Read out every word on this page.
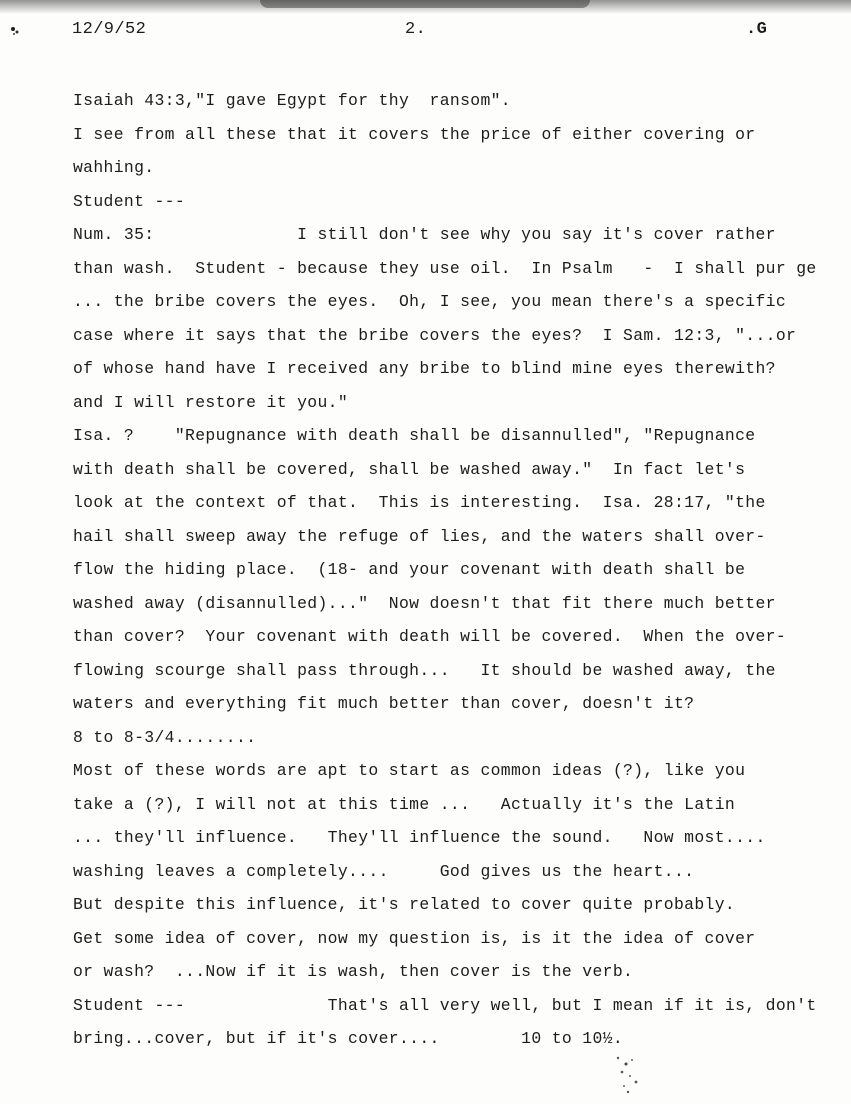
12/9/52	2.	.G
Isaiah 43:3,"I gave Egypt for thy  ransom".
I see from all these that it covers the price of either covering or
wahhing.
Student ---
Num. 35:              I still don't see why you say it's cover rather
than wash.  Student - because they use oil.  In Psalm   -  I shall pur ge
... the bribe covers the eyes.  Oh, I see, you mean there's a specific
case where it says that the bribe covers the eyes?  I Sam. 12:3, "...or
of whose hand have I received any bribe to blind mine eyes therewith?
and I will restore it you."
Isa. ?    "Repugnance with death shall be disannulled", "Repugnance
with death shall be covered, shall be washed away."  In fact let's
look at the context of that.  This is interesting.  Isa. 28:17, "the
hail shall sweep away the refuge of lies, and the waters shall over-
flow the hiding place.  (18- and your covenant with death shall be
washed away (disannulled)..."  Now doesn't that fit there much better
than cover?  Your covenant with death will be covered.  When the over-
flowing scourge shall pass through...   It should be washed away, the
waters and everything fit much better than cover, doesn't it?
8 to 8-3/4........
Most of these words are apt to start as common ideas (?), like you
take a (?), I will not at this time ...   Actually it's the Latin
... they'll influence.   They'll influence the sound.   Now most....
washing leaves a completely....     God gives us the heart...
But despite this influence, it's related to cover quite probably.
Get some idea of cover, now my question is, is it the idea of cover
or wash?  ...Now if it is wash, then cover is the verb.
Student ---              That's all very well, but I mean if it is, don't
bring...cover, but if it's cover....        10 to 10½.
